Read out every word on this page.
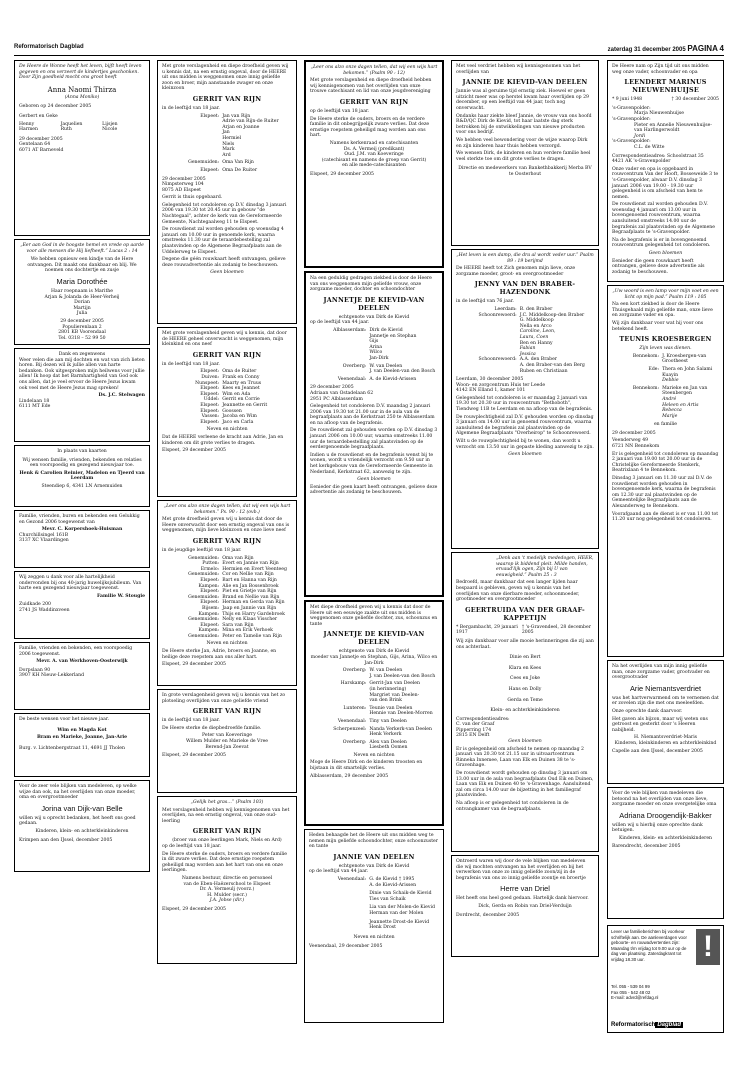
Reformatorisch Dagblad	zaterdag 31 december 2005 PAGINA 4
De Heere de Wonne heeft het leven, bijft heeft leven gegeven en ons verzeert de kindertjes geschonken.
Door Zijn goedheid mocht ons groot heeft
Anna Naomi Thirza
(Anna Moniko)
Geboren op 24 december 2005
Gerbert en Geke
Henny	Jaquelien	Lijsjen
Harmen	Ruth	Nicole
29 december 2005
Gentelaan 64
6071 AT Barneveld
„Eer aan God in de hoogste hemel en vrede op aarde voor alle mensen die Hij liefheeft.” Lucas 2 : 14
We hebben opnieuw een kindje van de Here ontvangen. Dit maakt ons dankbaar en blij. We noemen ons dochtertje en zusje
Maria Dorothée
Haar roepnaam is Marithe
Arjan & Jolanda de Heer-Verheij
Dorian
Martijn
Julia
29 december 2005
Populierenlaan 2
2801 KB Voorendaal
Tel. 0318 – 52 99 50
Dank en zegenwens
Weer velen die aan mij dochten en wat van zich lieten horen. Bij dezen wil ik jullie allen van harte bedanken. Ook uitgesproken mijn heilwens voor jullie allen! Ik hoop dat het Barmhartigheid van God ook ons allen, dat je veel ervoor de Heere Jezus kwam ook veel met de Heere Jezus mag spreken!
Ds. J.C. Stelwagen
Lindelaan 18
6111 MT Ede
In plaats van kaarten
Wij wensen familie, vrienden, bekenden en relaties een voorspoedig en gezegend nieuwjaar toe.
Henk & Carolien Reinier, Madelon en Tjeerd van Leerdam
Steendiep 6, 4341 LN Arnemuiden
Familie, vrienden, buren en bekenden een Gelukkig en Gezond 2006 toegewenst van
Mevr. C. Korpershoek-Huisman
Churchillsingel 161B
3137 XC Vlaardingen
Wij zeggen u dank voor alle hartelijkheid ondervonden bij ons 40-jarig huwelijksjubileum. Van harte een gezegend nieuwjaar toegewenst.
Familie W. Stougie
Zuidkade 200
2741 JS Waddinxveen
Familie, vrienden en bekenden, een voorspoedig 2006 toegewenst.
Mevr. A. van Werkhoven-Oosterwijk
Dorpslaan 90
3907 KH Nieuw-Lekkerland
De beste wensen voor het nieuwe jaar.
Wim en Magda Kot
Bram en Marieke, Joanne, Jan-Arie
Burg. v. Lichtenbergstraat 11, 4691 JJ Tholen
Voor de zeer vele blijken van medeleven, op welke wijze dan ook, na het overlijden van onze moeder, oma en overgrootmoeder
Jorina van Dijk-van Belle
willen wij u oprecht bedanken, het heeft ons goed gedaan.
Kinderen, klein- en achterkleinkinderen
Krimpen aan den IJssel, december 2005
Met grote verslagenheid en diepe droefheid geven wij u kennis dat, na een ernstig ongeval, door de HEERE uit ons midden is weggenomen onze innig geliefde zoon en broer, mijn aanstaande zwager en onze kleinzoon
GERRIT VAN RIJN
in de leeftijd van 18 jaar.
Elspeet: Jan van Rijn
Adrie van Rijn-de Ruiter
Arjan en Joanne
Jan
Hermiel
Niels
Mark
Ard
Genemuiden: Oma Van Rijn
Elspeet: Oma De Ruiter
29 december 2005
Nimpsterweg 104
8075 AD Elspeet
Gerrit is thuis opgebaard.
Gelegenheid tot condoleren op D.V. dinsdag 3 januari 2006 van 19.30 tot 20.45 uur in gebouw "de Nachtegaal", achter de kerk van de Gereformeerde Gemeente, Nachtegaalweg 11 te Elspeet.
De rouwdienst zal worden gehouden op woensdag 4 januari om 10.00 uur in genoemde kerk, waarna omstreeks 11.30 uur de teraardebestelling zal plaatsvinden op de Algemene Begraafplaats aan de Uddelerweg te Elspeet.
Degene die géén rouwkaart heeft ontvangen, gelieve deze rouwadvertentie als zodanig te beschouwen.
Geen bloemen
Met grote verslagenheid geven wij u kennis, dat door de HEERE geheel onverwacht is weggenomen, mijn kleinkind en ons neef
GERRIT VAN RIJN
in de leeftijd van 18 jaar.
Elspeet: Oma de Ruiter
Duiven: Frank en Conny
Nunspeet: Maarty en Truus
Elspeet: Kees en Jeannet
Elspeet: Wim en Ada
Uddel: Gerrit en Corrie
Elspeet: Jeannette en Gerrit
Elspeet: Goossen
Vassen: Jacoba en Wim
Elspeet: Jaco en Carla
Neven en nichten
Dat de HEERE verleene de kracht aan Adrie, Jan en kinderen om dit grote verlies te dragen.
Elspeet, 29 december 2005
„Leer ons alzo onze dagen tellen, dat wij een wijs hart bekomen.” Ps. 90 : 12 (ovb.)
Met grote droefheid geven wij u kennis dat door de Heere onverwacht door een ernstig ongeval van ons is weggenomen, mijn lieve kleinzoon en onze lieve neef
GERRIT VAN RIJN
in de jeugdige leeftijd van 18 jaar.
Genemuiden: Oma van Rijn
Putten: Evert en Jannie van Rijn
Ermelo: Hermien en Evert Veenteeg
Genemuiden: Cor en Nellie van Rijn
Elspeet: Bart en Hanna van Rijn
Kampen: Alie en Jan Bossenbroek
Elspeet: Piet en Grietje van Rijn
Genemuiden: Brand en Nellie van Rijn
Elspeet: Herman en Gerda van Rijn
Bijsem: Jaap en Jannie van Rijn
Kampen: Thijs en Harry Gardebroek
Genemuiden: Nelly en Klaas Visscher
Elspeet: Sara van Rijn
Kampen: Mina en Erik Verhoek
Genemuiden: Peter en Tamelie van Rijn
Neven en nichten
De Heere sterke Jan, Adrie, broers en Joanne, en heilige deze roepstem aan ons aller hart.
Elspeet, 29 december 2005
In grote verslagenheid geven wij u kennis van het zo plotseling overlijden van onze geliefde vriend
GERRIT VAN RIJN
in de leeftijd van 18 jaar.
De Heere sterke de diepbedroefde familie.
Peter van Koeveringe
Willem Mulder en Marieke de Vree
Berend-Jan Zeevat
Elspeet, 29 december 2005
„Gelijk het gras…” (Psalm 103)
Met verslagenheid hebben wij kennisgenomen van het overlijden, na een ernstig ongeval, van onze oud-leerling
GERRIT VAN RIJN
(broer van onze leerlingen Mark, Niels en Ard)
op de leeftijd van 18 jaar.
De Heere sterke de ouders, broers en verdere familie in dit zware verlies. Dat deze ernstige roepstem geheiligd mag worden aan het hart van ons en onze leerlingen.
Namens bestuur, directie en personeel
van de Eben-Haëzerschool te Elspeet
Dr. A. Vermeulj (voorz.)
H. Mulder (secr.)
J.A. Jobse (dir.)
Elspeet, 29 december 2005
„Leer ons alzo onze dagen tellen, dat wij een wijs hart bekomen.” (Psalm 90 : 12)
Met grote verslagenheid en diepe droefheid hebben wij kennisgenomen van het overlijden van onze trouwe catechisant en lid van onze jeugdvereniging
GERRIT VAN RIJN
op de leeftijd van 18 jaar.
De Heere sterke de ouders, broers en de verdere familie in dit onbegrijpelijk zware verlies. Dat deze ernstige roepstem geheiligd mag worden aan ons hart.
Namens kerkenraad en catechisanten
Ds. A. Vermeij (predikant)
Oud. J.M. van Koeveringe
(catechisant en namens de groep van Gerrit)
en alle mede-catechisanten
Elspeet, 29 december 2005
Na een geduldig gedragen ziekbed is door de Heere van ons weggenomen mijn geliefde vrouw, onze zorgzame moeder, dochter en schoondochter
JANNETJE DE KIEVID-VAN DEELEN
echtgenote van Dirk de Kievid
op de leeftijd van 44 jaar.
Alblasserdam: Dirk de Kievid
Jannetje en Stephan
Gijs
Arina
Wilco
Jan-Dirk
Overberg: W. van Deelen
J. van Deelen-van den Bosch
Veenendaal: A. de Kievid-Arissen
29 december 2005
Adriaan van Ostadelaan 62
2951 PC Alblasserdam
Gelegenheid tot condoleren D.V. maandag 2 januari 2006 van 19.30 tot 21.00 uur in de aula van de begraafplaats aan de Kerkstraat 250 te Alblasserdam en na afloop van de begrafenis.
De rouwdienst zal gehouden worden op D.V. dinsdag 3 januari 2006 om 10.00 uur, waarna omstreeks 11.00 uur de teraardebestelling zal plaatsvinden op de eerdergenoemde begraafplaats.
Indien u de rouwdienst en de begrafenis wenst bij te wonen, wordt u vriendelijk verzocht om 9.50 uur in het kerkgebouw van de Gereformeerde Gemeente in Nederland, Kerkstraat 62, aanwezig te zijn.
Geen bloemen
Eenieder die geen kaart heeft ontvangen, gelieve deze advertentie als zodanig te beschouwen.
Met diepe droefheid geven wij u kennis dat door de Heere uit een eeuwige zaakte uit ons midden is weggenomen onze geliefde dochter, zus, schoonzus en tante
JANNETJE DE KIEVID-VAN DEELEN
echtgenote van Dirk de Kievid
moeder van Jannetje en Stephan, Gijs, Arina, Wilco en Jan-Dirk
Overberg: W. van Deelen
J. van Deelen-van den Bosch
Harskamp: Gerrit-Jan van Deelen
(in herinnering)
Margriet van Deelen-
van den Brink
Lunteren: Teunie van Deelen
Hennie van Deelen-Morren
Veenendaal: Tiny van Deelen
Scherpenzeel: Nanda Verkerk-van Deelen
Henk Verkerk
Overberg: Alex van Deelen
Liesbeth Oomen
Neven en nichten
Moge de Heere Dirk en de kinderen troosten en bijstaan in dit smartelijk verlies.
Alblasserdam, 29 december 2005
Heden behaagde het de Heere uit ons midden weg te nemen mijn geliefde schoondochter, onze schoonzuster en tante
JANNIE VAN DEELEN
echtgenote van Dirk de Kievid
op de leeftijd van 44 jaar.
Veenendaal: G. de Kievid † 1995
A. de Kievid-Arissen
Dinie van Schaik-de Kievid
Ties van Schaik
Lia van der Molen-de Kievid
Herman van der Molen
Jeannette Drost-de Kievid
Henk Drost
Neven en nichten
Veenendaal, 29 december 2005
Met veel verdriet hebben wij kennisgenomen van het overlijden van
JANNIE DE KIEVID-VAN DEELEN
Jannie was al geruime tijd ernstig ziek. Hoewel er geen uitzicht meer was op herstel kwam haar overlijden op 29 december, op een leeftijd van 44 jaar, toch nog onverwacht.
Ondanks haar ziekte bleef Jannie, de vrouw van ons hoofd R&D/QC Dirk de Kievid, tot haar laatste dag sterk betrokken bij de ontwikkelingen van nieuwe producten voor ons bedrijf.
We hebben veel bewondering voor de wijze waarop Dirk en zijn kinderen haar thuis hebben verzorgd.
We wensen Dirk, de kinderen en hun verdere familie heel veel sterkte toe om dit grote verlies te dragen.
Directie en medewerkers van Bankethbakkerij Merba BV te Oosterhout
„Het leven is een damp, die dra al wordt veder uur.” Psalm 89 : 19 berijmd
De HEERE heeft tot Zich genomen mijn lieve, onze zorgzame moeder, groot- en overgrootmoeder
JENNY VAN DEN BRABER-HAZENDONK
in de leeftijd van 76 jaar.
Leerdam: B. den Braber
Schoonrewoerd: J.C. Middelkoop-den Braber
G. Middelkoop
Nella en Arco
Caroline, Leon,
Laura, Coen
Ben en Hanny
Fabian
Jessica
Schoonrewoerd: A.A. den Braber
A. den Braber-van den Berg
Ruben en Christiaan
Leerdam, 30 december 2005
Woon- en zorgcentrum Huis ter Leede
4142 EN Elland 1, kamer 101
Gelegenheid tot condoleren is er maandag 2 januari van 19.30 tot 20.30 uur in rouwcentrum "Bethoboth", Tiendweg 11B te Leerdam en na afloop van de begrafenis.
De rouwplechtigheid zal D.V. gehouden worden op dinsdag 3 januari om 14.00 uur in genoemd rouwcentrum, waarna aansluitend de begrafenis zal plaatsvinden op de Algemene Begraafplaats "Overheirop" te Schoonrewoerd.
Wilt u de rouwplechtigheid bij te wonen, dan wordt u verzocht om 13.50 uur in gepaste kleding aanwezig te zijn.
Geen bloemen
„Denk aan 't medelijk mededogen, HEER, waarop ik biddend pleit. Milde handen, ervaud'lijk ogen, Zijn bij U van eeuwigheid.” Psalm 25 : 3
Bedroefd, maar dankbaar dat een langer lijden haar bespaard is gebleven, geven wij u kennis van het overlijden van onze dierbare moeder, schoonmoeder, grootmoeder en overgrootmoeder
GEERTRUIDA VAN DER GRAAF-KAPPETIJN
* Bergambacht, 29 januari 1917
† 's-Gravendeel, 28 december 2005
Wij zijn dankbaar voor alle mooie herinneringen die zij aan ons achterlaat.
Dinie en Bert
Klara en Kees
Cees en Joke
Hans en Dolly
Gerda en Teme
Klein- en achterkleinkinderen
Correspondentieadres:
C. van der Graaf
Pipperring 174
2815 EN Delft
Geen bloemen
Er is gelegenheid om afscheid te nemen op maandag 2 januari van 20.30 tot 21.15 uur in uitvaartcentrum Rinneka Innemee, Laan van Elk en Duinen 38 te 's-Gravenhage.
De rouwdienst wordt gehouden op dinsdag 3 januari om 13.00 uur in de aula van begraafplaats Oud Eik en Duinen, Laan van Eik en Duinen 40 te 's-Gravenhage. Aansluitend zal om circa 14.00 uur de bijzetting in het familiegraf plaatsvinden.
Na afloop is er gelegenheid tot condoleren in de ontvangkamer van de begraafplaats.
Ontroerd waren wij door de vele blijken van medeleven die wij mochten ontvangen na het overlijden en bij het verwerken van onze zo innig geliefde zoon/zij in de begrafenis van ons zo innig geliefde zoontje en broertje
Herre van Driel
Het heeft ons heel goed gedaan. Hartelijk dank hiervoor.
Dick, Gerda en Robin van Driel-Verduijn
Dordrecht, december 2005
De Heere nam op Zijn tijd uit ons midden weg onze vader, schoonvader en opa
LEENDERT MARINUS NIEUWENHUIJSE
* 9 juni 1948	† 30 december 2005
's-Gravenpolder:
Marja Nieuwenhuijse
's-Gravenpolder:
Pieter en Annelie Nieuwenhuijse-van Harlingerwoldt
Jordi
's-Gravenpolder:
C.L. de Witte
Correspondentieadres: Schoolstraat 35
4421 AK 's-Gravenpolder
Onze vader en opa is opgebaard in rouwcentrum Van der Hooft, Bosseweide 3 te 's-Gravenpolder, alwaar D.V. dinsdag 3 januari 2006 van 19.00 - 19.30 uur gelegenheid is om afscheid van hem te nemen.
De rouwdienst zal worden gehouden D.V. woensdag 4 januari om 13.00 uur in bovengenoemd rouwcentrum, waarna aansluitend omstreeks 14.00 uur de begrafenis zal plaatsvinden op de Algemene Begraafplaats te 's-Gravenpolder.
Na de begrafenis is er in bovengenoemd rouwcentrum gelegenheid tot condoleren.
Geen bloemen
Eenieder die geen rouwkaart heeft ontvangen, gelieve deze advertentie als zodanig te beschouwen.
„Uw woord is een lamp voor mijn voet en een licht op mijn pad.” Psalm 119 : 105
Na een kort ziekbed is door de Heere Thuisgehaald mijn geliefde man, onze lieve en zorgzame vader en opa.
Wij zijn dankbaar voor wat hij voor ons betekend heeft.
TEUNIS KROESBERGEN
Zijn leven was dienen.
Bennekom: J. Kroesbergen-van Grootheest
Ede: Thera en John Salami Kuayin
Debbie
Bennekom: Marieke en Jan van Steenbergen
André
Heleen en Artis
Rebecca
Marije
en familie
29 december 2005
Veenderweg 49
6721 NN Bennekom
Er is gelegenheid tot condoleren op maandag 2 januari van 19.00 tot 20.00 uur in de Christelijke Gereformeerde Stenkerk, Beatrixlaan 4 te Bennekom.
Dinsdag 3 januari om 11.30 uur zal D.V. de rouwdienst worden gehouden in bovengenoemde kerk, waarna de begrafenis om 12.30 uur zal plaatsvinden op de Gemeentelijke Begraafplaats aan de Alexanderweg te Bennekom.
Voorafgaand aan de dienst is er van 11.00 tot 11.20 uur nog gelegenheid tot condoleren.
Na het overlijden van mijn innig geliefde man, onze zorgzame vader, grootvader en overgrootvader
Arie Niemantsverdriet
was het hartverwarmend om te vernemen dat er zovelen zijn die met ons meeleefden.
Onze oprechte dank daarvoor.
Het gaven als bijzon, maar wij weten ons getroost en gesterkt door 's Heeren nabijheid.
H. Niemantsverdriet-Maris
Kinderen, kleinkinderen en achterkleinkind
Capelle aan den IJssel, december 2005
Voor de vele blijken van medeleven die betoond na het overlijden van onze lieve, zorgzame moeder en onze overgetelijke oma
Adriana Droogendijk-Bakker
willen wij u hierbij onze oprechte dank betuigen.
Kinderen, klein- en achterkleinkinderen
Barendrecht, december 2005
Lever uw familieberichten bij voorkeur schriftelijk aan. De aanleverdagen voor geboorte- en rouwadvertenties zijn: Maandag t/m vrijdag tot 9.00 uur op de dag van plaatsing. Zaterdagkrant tot vrijdag 18.30 uur.	!
Tel. 055 - 539 04 99
Fax 055 - 542 48 02
E-mail: advrd@refdag.nl
Reformatorisch Dagblad
